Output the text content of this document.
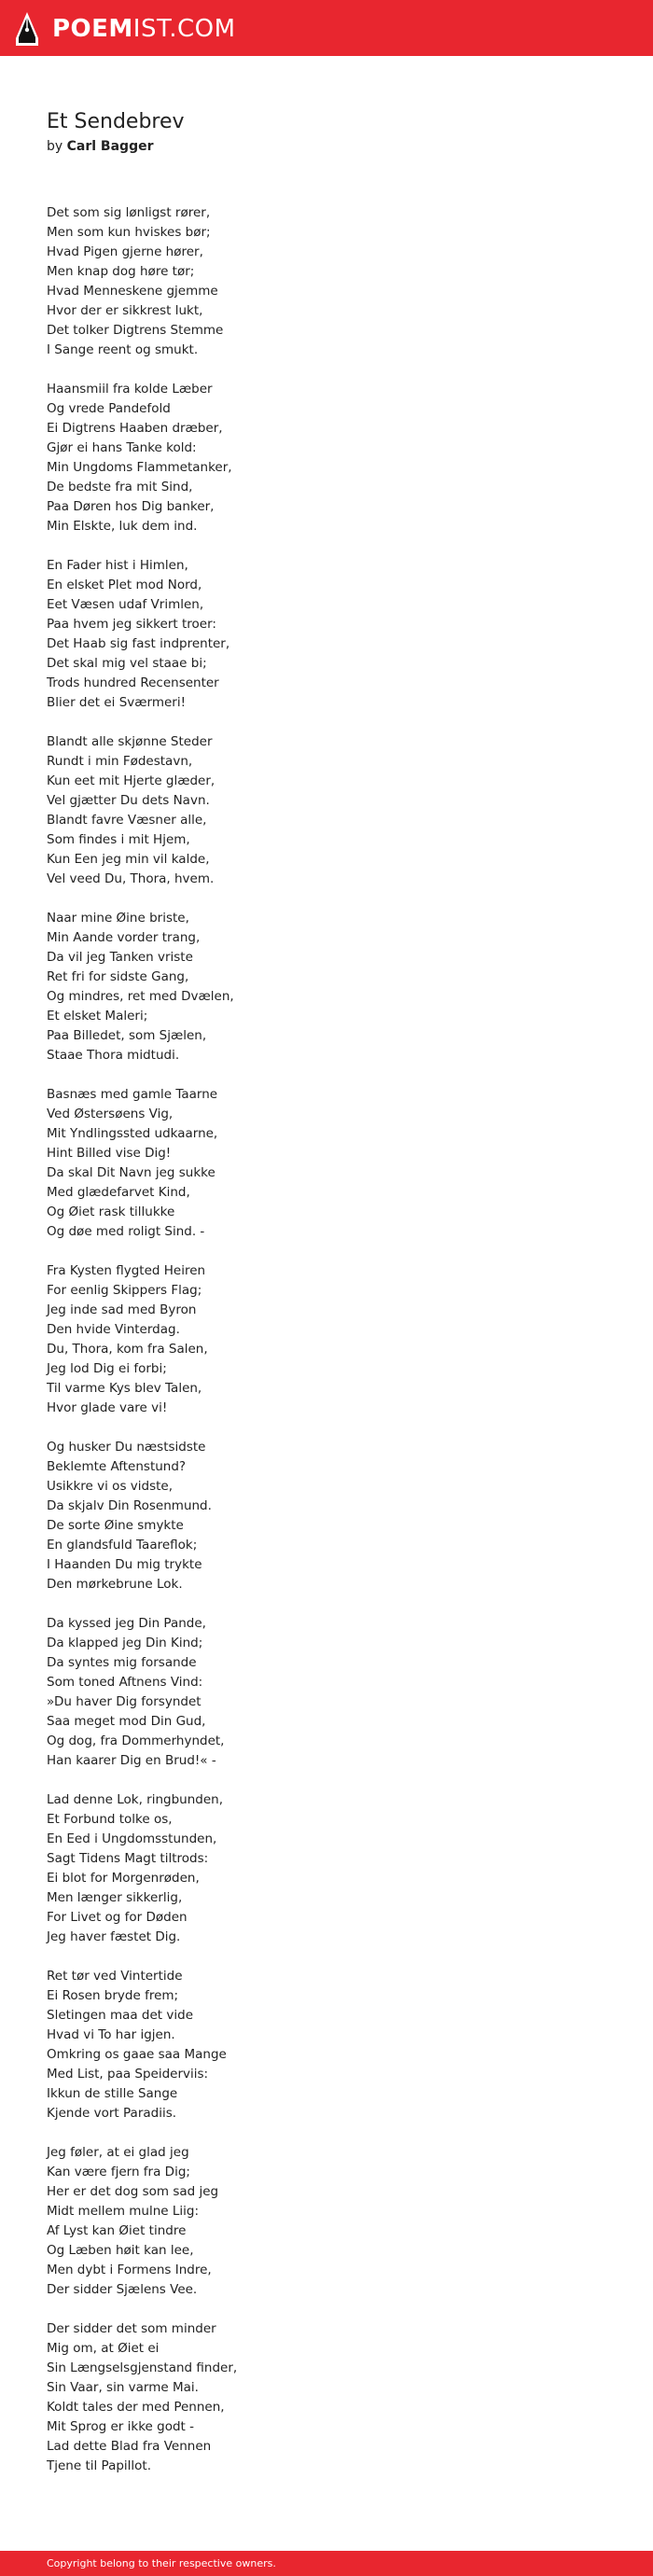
POEMIST.COM
Et Sendebrev
by Carl Bagger
Det som sig lønligst rører,
Men som kun hviskes bør;
Hvad Pigen gjerne hører,
Men knap dog høre tør;
Hvad Menneskene gjemme
Hvor der er sikkrest lukt,
Det tolker Digtrens Stemme
I Sange reent og smukt.
Haansmiil fra kolde Læber
Og vrede Pandefold
Ei Digtrens Haaben dræber,
Gjør ei hans Tanke kold:
Min Ungdoms Flammetanker,
De bedste fra mit Sind,
Paa Døren hos Dig banker,
Min Elskte, luk dem ind.
En Fader hist i Himlen,
En elsket Plet mod Nord,
Eet Væsen udaf Vrimlen,
Paa hvem jeg sikkert troer:
Det Haab sig fast indprenter,
Det skal mig vel staae bi;
Trods hundred Recensenter
Blier det ei Sværmeri!
Blandt alle skjønne Steder
Rundt i min Fødestavn,
Kun eet mit Hjerte glæder,
Vel gjætter Du dets Navn.
Blandt favre Væsner alle,
Som findes i mit Hjem,
Kun Een jeg min vil kalde,
Vel veed Du, Thora, hvem.
Naar mine Øine briste,
Min Aande vorder trang,
Da vil jeg Tanken vriste
Ret fri for sidste Gang,
Og mindres, ret med Dvælen,
Et elsket Maleri;
Paa Billedet, som Sjælen,
Staae Thora midtudi.
Basnæs med gamle Taarne
Ved Østersøens Vig,
Mit Yndlingssted udkaarne,
Hint Billed vise Dig!
Da skal Dit Navn jeg sukke
Med glædefarvet Kind,
Og Øiet rask tillukke
Og døe med roligt Sind. -
Fra Kysten flygted Heiren
For eenlig Skippers Flag;
Jeg inde sad med Byron
Den hvide Vinterdag.
Du, Thora, kom fra Salen,
Jeg lod Dig ei forbi;
Til varme Kys blev Talen,
Hvor glade vare vi!
Og husker Du næstsidste
Beklemte Aftenstund?
Usikkre vi os vidste,
Da skjalv Din Rosenmund.
De sorte Øine smykte
En glandsfuld Taareflok;
I Haanden Du mig trykte
Den mørkebrune Lok.
Da kyssed jeg Din Pande,
Da klapped jeg Din Kind;
Da syntes mig forsande
Som toned Aftnens Vind:
»Du haver Dig forsyndet
Saa meget mod Din Gud,
Og dog, fra Dommerhyndet,
Han kaarer Dig en Brud!« -
Lad denne Lok, ringbunden,
Et Forbund tolke os,
En Eed i Ungdomsstunden,
Sagt Tidens Magt tiltrods:
Ei blot for Morgenrøden,
Men længer sikkerlig,
For Livet og for Døden
Jeg haver fæstet Dig.
Ret tør ved Vintertide
Ei Rosen bryde frem;
Sletingen maa det vide
Hvad vi To har igjen.
Omkring os gaae saa Mange
Med List, paa Speiderviis:
Ikkun de stille Sange
Kjende vort Paradiis.
Jeg føler, at ei glad jeg
Kan være fjern fra Dig;
Her er det dog som sad jeg
Midt mellem mulne Liig:
Af Lyst kan Øiet tindre
Og Læben høit kan lee,
Men dybt i Formens Indre,
Der sidder Sjælens Vee.
Der sidder det som minder
Mig om, at Øiet ei
Sin Længselsgjenstand finder,
Sin Vaar, sin varme Mai.
Koldt tales der med Pennen,
Mit Sprog er ikke godt -
Lad dette Blad fra Vennen
Tjene til Papillot.
Copyright belong to their respective owners.
